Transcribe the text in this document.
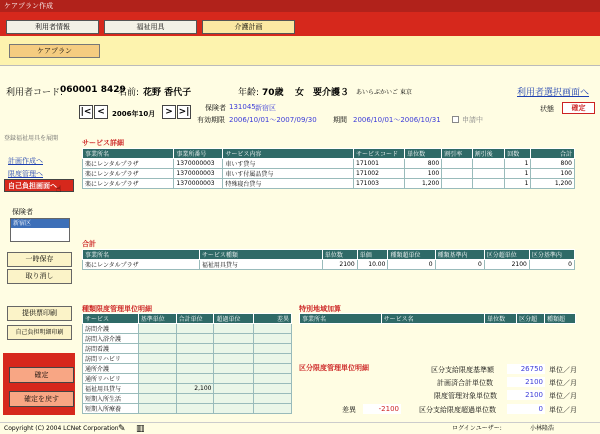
ケアプラン作成
利用者情報	福祉用具	介護計画
ケアプラン
利用者コード:
060001 8429
名前: 花野 香代子	年齢: 70歳 女 要介護３ あいらぶかいご 東京	利用者選択画面へ
登録福祉用具を展開
計画作成へ
限度管理へ
自己負担画面へ ☝
保険者
新宿区
一時保存
取り消し
提供票印刷
自己負担明細印刷
確定
確定を戻す
|< <	2006年10月	> >| 保険者 131045 新宿区
有効期限 2006/10/01～2007/09/30 期間 2006/10/01～2006/10/31	申請中
状態	確定
サービス詳細
事業所名	事業所番号	サービス内容	サービスコード	単位数	割引率	割引後	回数	合計
楽にレンタルプラザ	1370000003	車いす貸与	171001	800			1	800
楽にレンタルプラザ	1370000003	車いす付属品貸与	171002	100			1	100
楽にレンタルプラザ	1370000003	特殊寝台貸与	171003	1,200			1	1,200
合計
事業所名	サービス種類	単位数	単価	種類超単位	種類基準内	区分超単位	区分基準内
楽にレンタルプラザ	福祉用具貸与	2100	10.00	0	0	2100	0
種類限度管理単位明細
サービス	基準単位	合計単位	超過単位	差異
訪問介護				
訪問入浴介護				
訪問看護				
訪問リハビリ				
通所介護				
通所リハビリ				
福祉用具貸与		2,100		
短期入所生活				
短期入所療養					差異	-2100
特別地域加算
事業所名	サービス名	単位数	区分超	種類超
区分限度管理単位明細	区分支給限度基準額	26750 単位／月
計画済合計単位数	2100 単位／月
限度管理対象単位数	2100 単位／月
区分支給限度超過単位数	0 単位／月
Copyright (C) 2004 LCNet Corporation ✎ ▥	ログインユーザー:	小林隆浩
